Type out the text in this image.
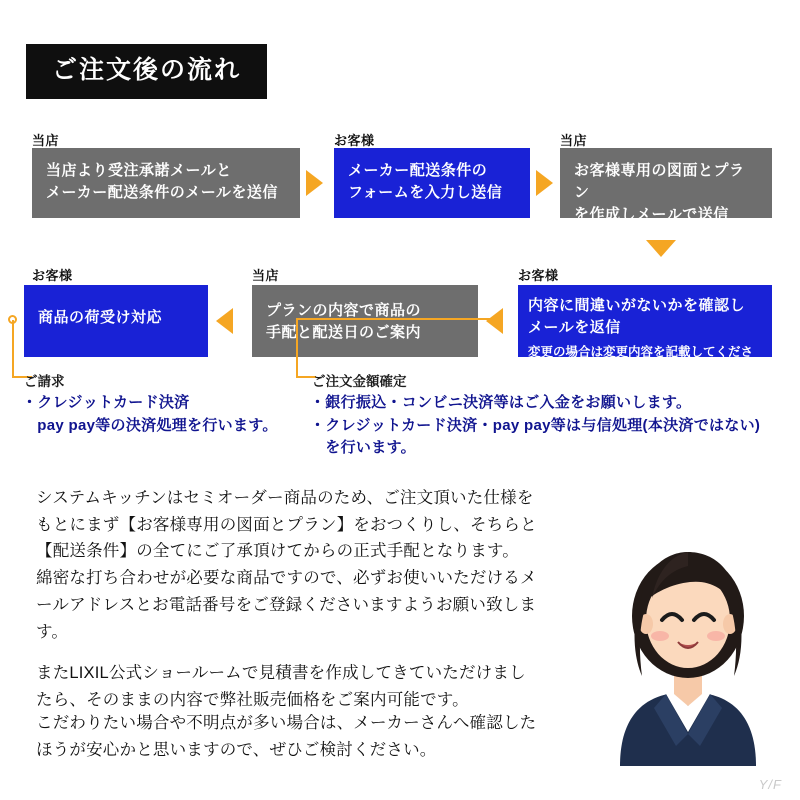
ご注文後の流れ
当店
当店より受注承諾メールと
メーカー配送条件のメールを送信
お客様
メーカー配送条件の
フォームを入力し送信
当店
お客様専用の図面とプラン
を作成しメールで送信
お客様
商品の荷受け対応
当店
プランの内容で商品の
手配と配送日のご案内
お客様
内容に間違いがないかを確認し
メールを返信
変更の場合は変更内容を記載してください
ご請求
・クレジットカード決済
　pay pay等の決済処理を行います。
ご注文金額確定
・銀行振込・コンビニ決済等はご入金をお願いします。
・クレジットカード決済・pay pay等は与信処理(本決済ではない)
　を行います。
システムキッチンはセミオーダー商品のため、ご注文頂いた仕様を
もとにまず【お客様専用の図面とプラン】をおつくりし、そちらと
【配送条件】の全てにご了承頂けてからの正式手配となります。
綿密な打ち合わせが必要な商品ですので、必ずお使いいただけるメ
ールアドレスとお電話番号をご登録くださいますようお願い致しま
す。
またLIXIL公式ショールームで見積書を作成してきていただけまし
たら、そのままの内容で弊社販売価格をご案内可能です。
こだわりたい場合や不明点が多い場合は、メーカーさんへ確認した
ほうが安心かと思いますので、ぜひご検討ください。
Y/F
